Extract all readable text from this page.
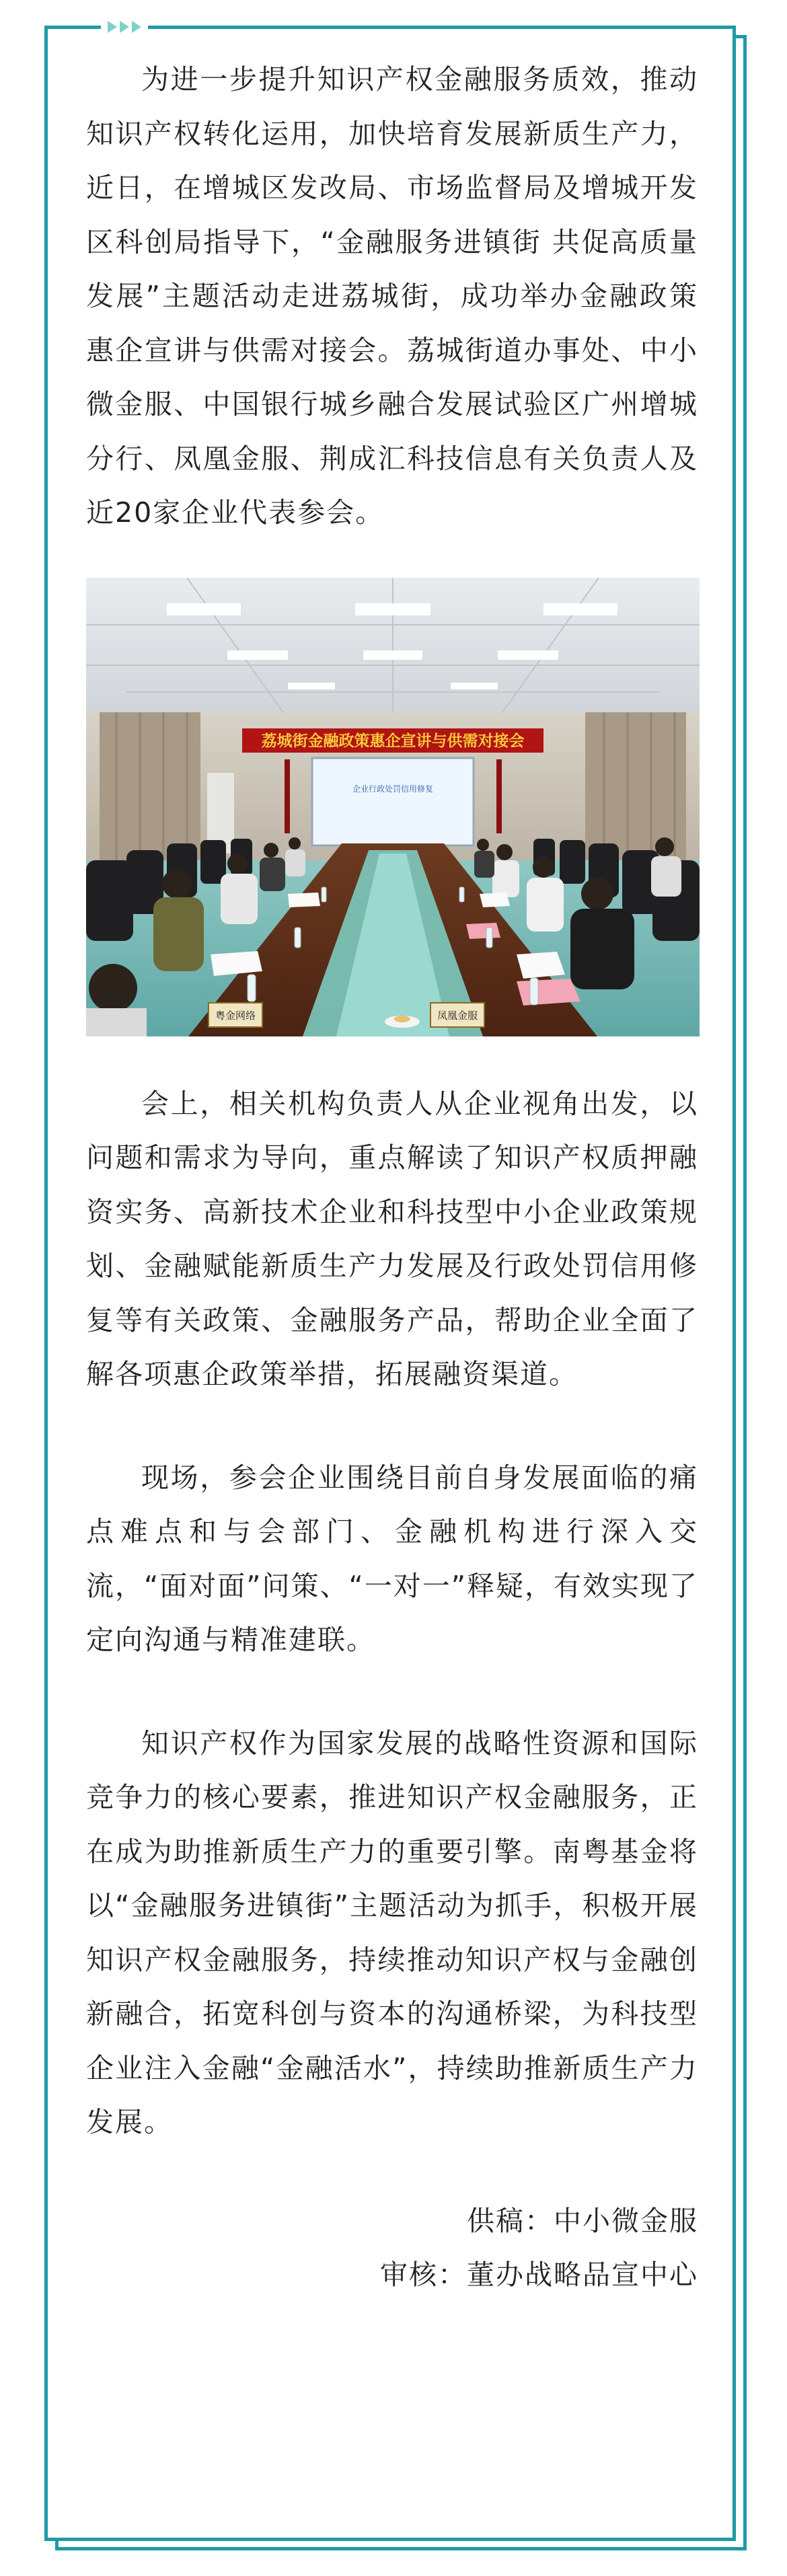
为进一步提升知识产权金融服务质效，推动知识产权转化运用，加快培育发展新质生产力，近日，在增城区发改局、市场监督局及增城开发区科创局指导下，“金融服务进镇街 共促高质量发展”主题活动走进荔城街，成功举办金融政策惠企宣讲与供需对接会。荔城街道办事处、中小微金服、中国银行城乡融合发展试验区广州增城分行、凤凰金服、荆成汇科技信息有关负责人及近20家企业代表参会。

荔城街金融政策惠企宣讲与供需对接会
企业行政处罚信用修复
粤金网络	凤凰金服

会上，相关机构负责人从企业视角出发，以问题和需求为导向，重点解读了知识产权质押融资实务、高新技术企业和科技型中小企业政策规划、金融赋能新质生产力发展及行政处罚信用修复等有关政策、金融服务产品，帮助企业全面了解各项惠企政策举措，拓展融资渠道。

现场，参会企业围绕目前自身发展面临的痛点难点和与会部门、金融机构进行深入交流，“面对面”问策、“一对一”释疑，有效实现了定向沟通与精准建联。

知识产权作为国家发展的战略性资源和国际竞争力的核心要素，推进知识产权金融服务，正在成为助推新质生产力的重要引擎。南粤基金将以“金融服务进镇街”主题活动为抓手，积极开展知识产权金融服务，持续推动知识产权与金融创新融合，拓宽科创与资本的沟通桥梁，为科技型企业注入金融“金融活水”，持续助推新质生产力发展。

供稿：中小微金服
审核：董办战略品宣中心
